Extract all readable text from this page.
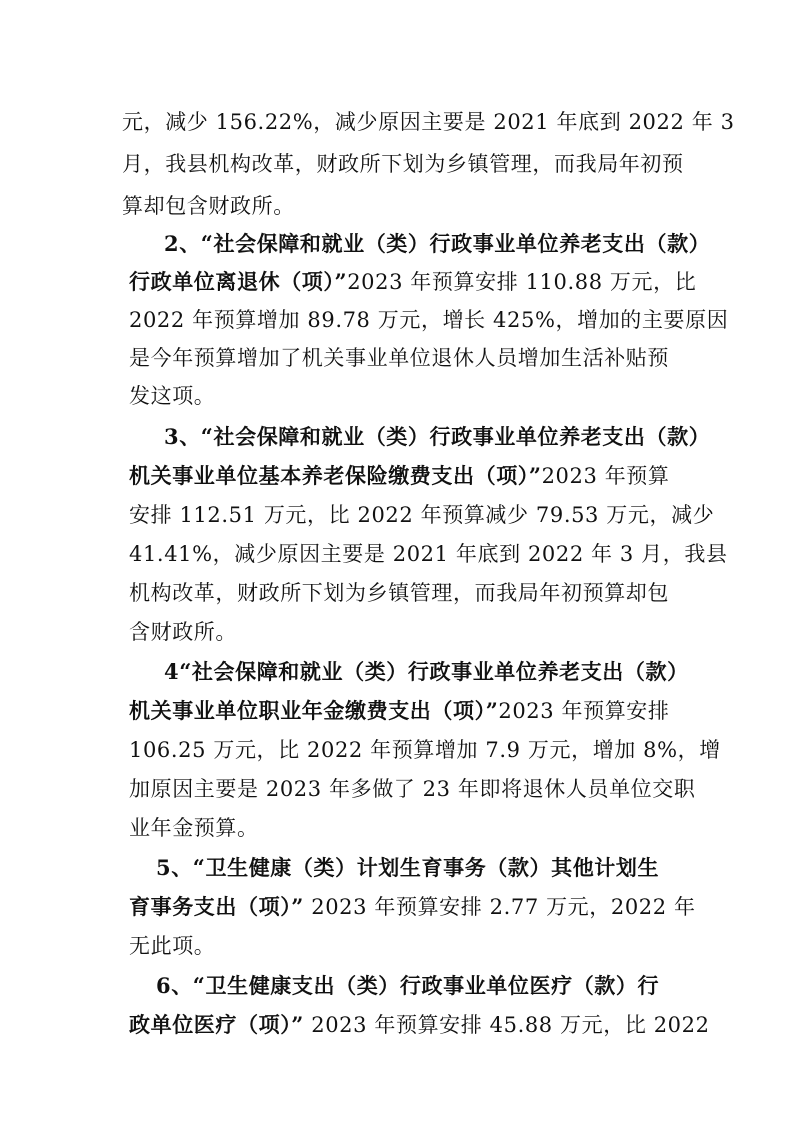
元，减少 156.22%，减少原因主要是 2021 年底到 2022 年 3
月，我县机构改革，财政所下划为乡镇管理，而我局年初预
算却包含财政所。
2、“社会保障和就业（类）行政事业单位养老支出（款）
行政单位离退休（项）”2023 年预算安排 110.88 万元，比
2022 年预算增加 89.78 万元，增长 425%，增加的主要原因
是今年预算增加了机关事业单位退休人员增加生活补贴预
发这项。
3、“社会保障和就业（类）行政事业单位养老支出（款）
机关事业单位基本养老保险缴费支出（项）”2023 年预算
安排 112.51 万元，比 2022 年预算减少 79.53 万元，减少
41.41%，减少原因主要是 2021 年底到 2022 年 3 月，我县
机构改革，财政所下划为乡镇管理，而我局年初预算却包
含财政所。
4“社会保障和就业（类）行政事业单位养老支出（款）
机关事业单位职业年金缴费支出（项）”2023 年预算安排
106.25 万元，比 2022 年预算增加 7.9 万元，增加 8%，增
加原因主要是 2023 年多做了 23 年即将退休人员单位交职
业年金预算。
5、“卫生健康（类）计划生育事务（款）其他计划生
育事务支出（项）” 2023 年预算安排 2.77 万元，2022 年
无此项。
6、“卫生健康支出（类）行政事业单位医疗（款）行
政单位医疗（项）” 2023 年预算安排 45.88 万元，比 2022
